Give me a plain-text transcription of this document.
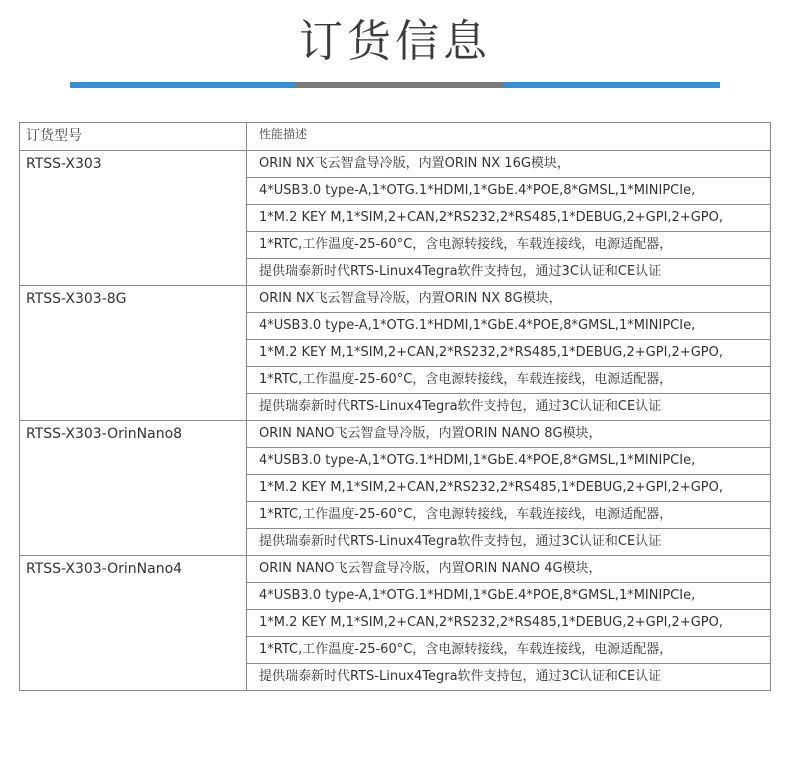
订货信息
订货型号	性能描述
RTSS-X303	ORIN NX飞云智盒导冷版，内置ORIN NX 16G模块，
	4*USB3.0 type-A,1*OTG.1*HDMI,1*GbE.4*POE,8*GMSL,1*MINIPCIe,
	1*M.2 KEY M,1*SIM,2+CAN,2*RS232,2*RS485,1*DEBUG,2+GPI,2+GPO,
	1*RTC,工作温度-25-60°C，含电源转接线，车载连接线，电源适配器，
	提供瑞泰新时代RTS-Linux4Tegra软件支持包，通过3C认证和CE认证
RTSS-X303-8G	ORIN NX飞云智盒导冷版，内置ORIN NX 8G模块，
	4*USB3.0 type-A,1*OTG.1*HDMI,1*GbE.4*POE,8*GMSL,1*MINIPCIe,
	1*M.2 KEY M,1*SIM,2+CAN,2*RS232,2*RS485,1*DEBUG,2+GPI,2+GPO,
	1*RTC,工作温度-25-60°C，含电源转接线，车载连接线，电源适配器，
	提供瑞泰新时代RTS-Linux4Tegra软件支持包，通过3C认证和CE认证
RTSS-X303-OrinNano8	ORIN NANO飞云智盒导冷版，内置ORIN NANO 8G模块，
	4*USB3.0 type-A,1*OTG.1*HDMI,1*GbE.4*POE,8*GMSL,1*MINIPCIe,
	1*M.2 KEY M,1*SIM,2+CAN,2*RS232,2*RS485,1*DEBUG,2+GPI,2+GPO,
	1*RTC,工作温度-25-60°C，含电源转接线，车载连接线，电源适配器，
	提供瑞泰新时代RTS-Linux4Tegra软件支持包，通过3C认证和CE认证
RTSS-X303-OrinNano4	ORIN NANO飞云智盒导冷版，内置ORIN NANO 4G模块，
	4*USB3.0 type-A,1*OTG.1*HDMI,1*GbE.4*POE,8*GMSL,1*MINIPCIe,
	1*M.2 KEY M,1*SIM,2+CAN,2*RS232,2*RS485,1*DEBUG,2+GPI,2+GPO,
	1*RTC,工作温度-25-60°C，含电源转接线，车载连接线，电源适配器，
	提供瑞泰新时代RTS-Linux4Tegra软件支持包，通过3C认证和CE认证
